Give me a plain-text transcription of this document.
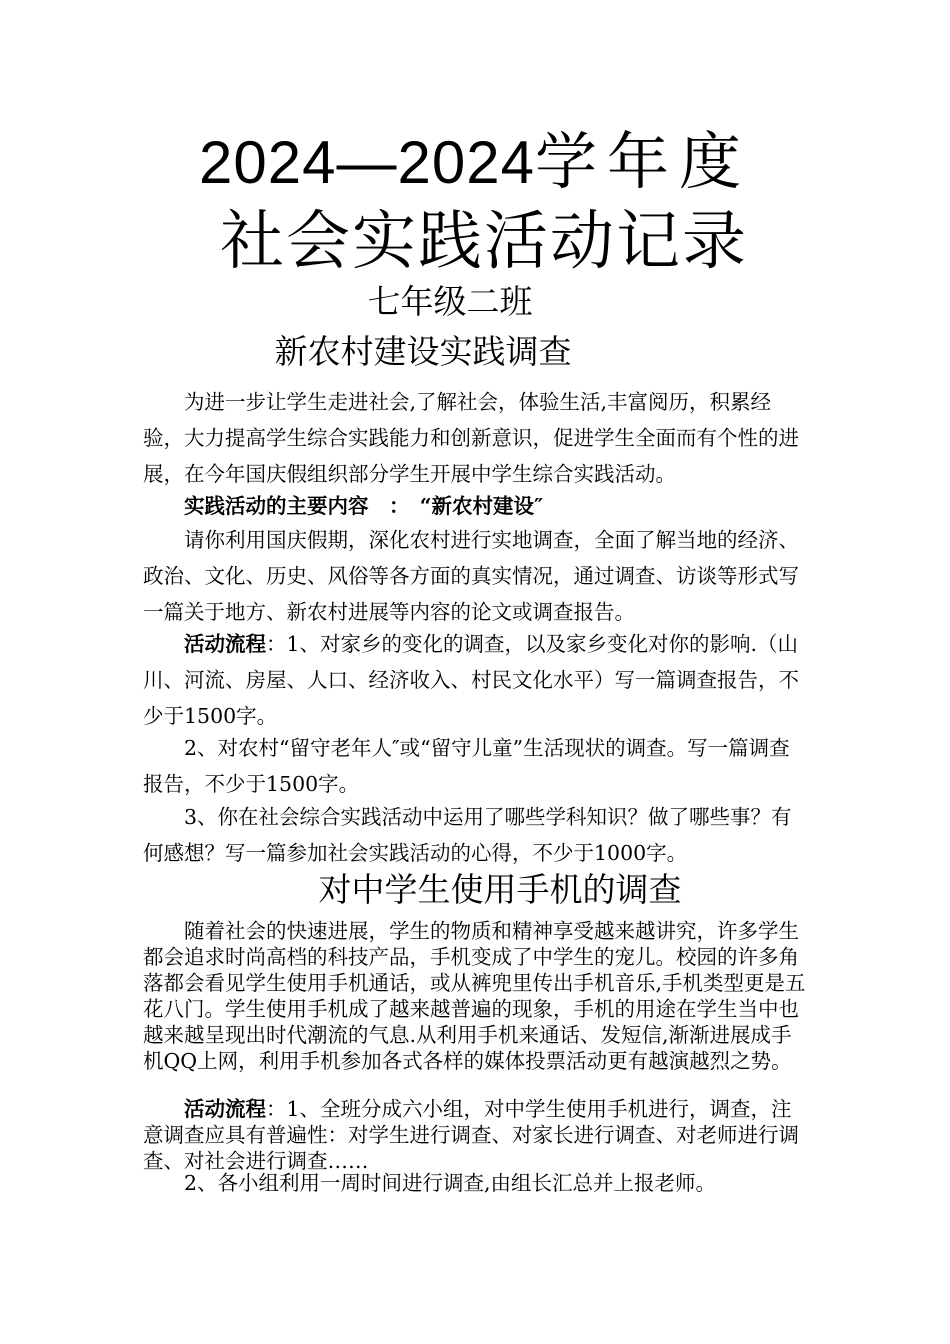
2024—2024学年度
社会实践活动记录
七年级二班
新农村建设实践调查

为进一步让学生走进社会,了解社会，体验生活,丰富阅历，积累经验，大力提高学生综合实践能力和创新意识，促进学生全面而有个性的进展，在今年国庆假组织部分学生开展中学生综合实践活动。

实践活动的主要内容　：　“新农村建设″

请你利用国庆假期，深化农村进行实地调查，全面了解当地的经济、政治、文化、历史、风俗等各方面的真实情况，通过调查、访谈等形式写一篇关于地方、新农村进展等内容的论文或调查报告。

活动流程：1、对家乡的变化的调查，以及家乡变化对你的影响.（山川、河流、房屋、人口、经济收入、村民文化水平）写一篇调查报告，不少于1500字。

2、对农村“留守老年人″或“留守儿童”生活现状的调查。写一篇调查报告，不少于1500字。

3、你在社会综合实践活动中运用了哪些学科知识？做了哪些事？有何感想？写一篇参加社会实践活动的心得，不少于1000字。

对中学生使用手机的调查

随着社会的快速进展，学生的物质和精神享受越来越讲究，许多学生都会追求时尚高档的科技产品，手机变成了中学生的宠儿。校园的许多角落都会看见学生使用手机通话，或从裤兜里传出手机音乐,手机类型更是五花八门。学生使用手机成了越来越普遍的现象，手机的用途在学生当中也越来越呈现出时代潮流的气息.从利用手机来通话、发短信,渐渐进展成手机QQ上网，利用手机参加各式各样的媒体投票活动更有越演越烈之势。

活动流程：1、全班分成六小组，对中学生使用手机进行，调查，注意调查应具有普遍性：对学生进行调查、对家长进行调查、对老师进行调查、对社会进行调查……

2、各小组利用一周时间进行调查,由组长汇总并上报老师。
